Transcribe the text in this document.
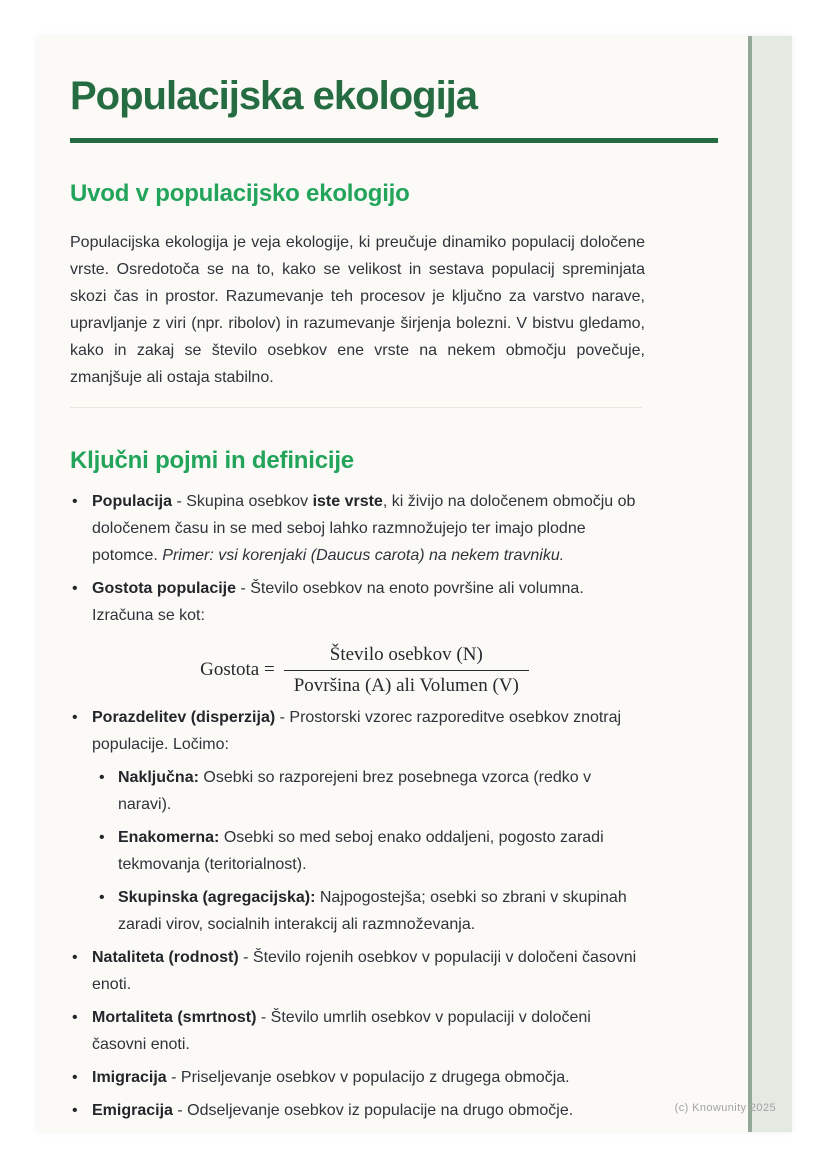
Populacijska ekologija
Uvod v populacijsko ekologijo

Populacijska ekologija je veja ekologije, ki preučuje dinamiko populacij določene vrste. Osredotoča se na to, kako se velikost in sestava populacij spreminjata skozi čas in prostor. Razumevanje teh procesov je ključno za varstvo narave, upravljanje z viri (npr. ribolov) in razumevanje širjenja bolezni. V bistvu gledamo, kako in zakaj se število osebkov ene vrste na nekem območju povečuje, zmanjšuje ali ostaja stabilno.

Ključni pojmi in definicije
• Populacija - Skupina osebkov iste vrste, ki živijo na določenem območju ob določenem času in se med seboj lahko razmnožujejo ter imajo plodne potomce. Primer: vsi korenjaki (Daucus carota) na nekem travniku.
• Gostota populacije - Število osebkov na enoto površine ali volumna. Izračuna se kot:
Gostota = $\frac{\text{Število osebkov (N)}}{\text{Površina (A) ali Volumen (V)}}$
• Porazdelitev (disperzija) - Prostorski vzorec razporeditve osebkov znotraj populacije. Ločimo:
• Naključna: Osebki so razporejeni brez posebnega vzorca (redko v naravi).
• Enakomerna: Osebki so med seboj enako oddaljeni, pogosto zaradi tekmovanja (teritorialnost).
• Skupinska (agregacijska): Najpogostejša; osebki so zbrani v skupinah zaradi virov, socialnih interakcij ali razmnoževanja.
• Nataliteta (rodnost) - Število rojenih osebkov v populaciji v določeni časovni enoti.
• Mortaliteta (smrtnost) - Število umrlih osebkov v populaciji v določeni časovni enoti.
• Imigracija - Priseljevanje osebkov v populacijo z drugega območja.
• Emigracija - Odseljevanje osebkov iz populacije na drugo območje.	(c) Knowunity 2025
